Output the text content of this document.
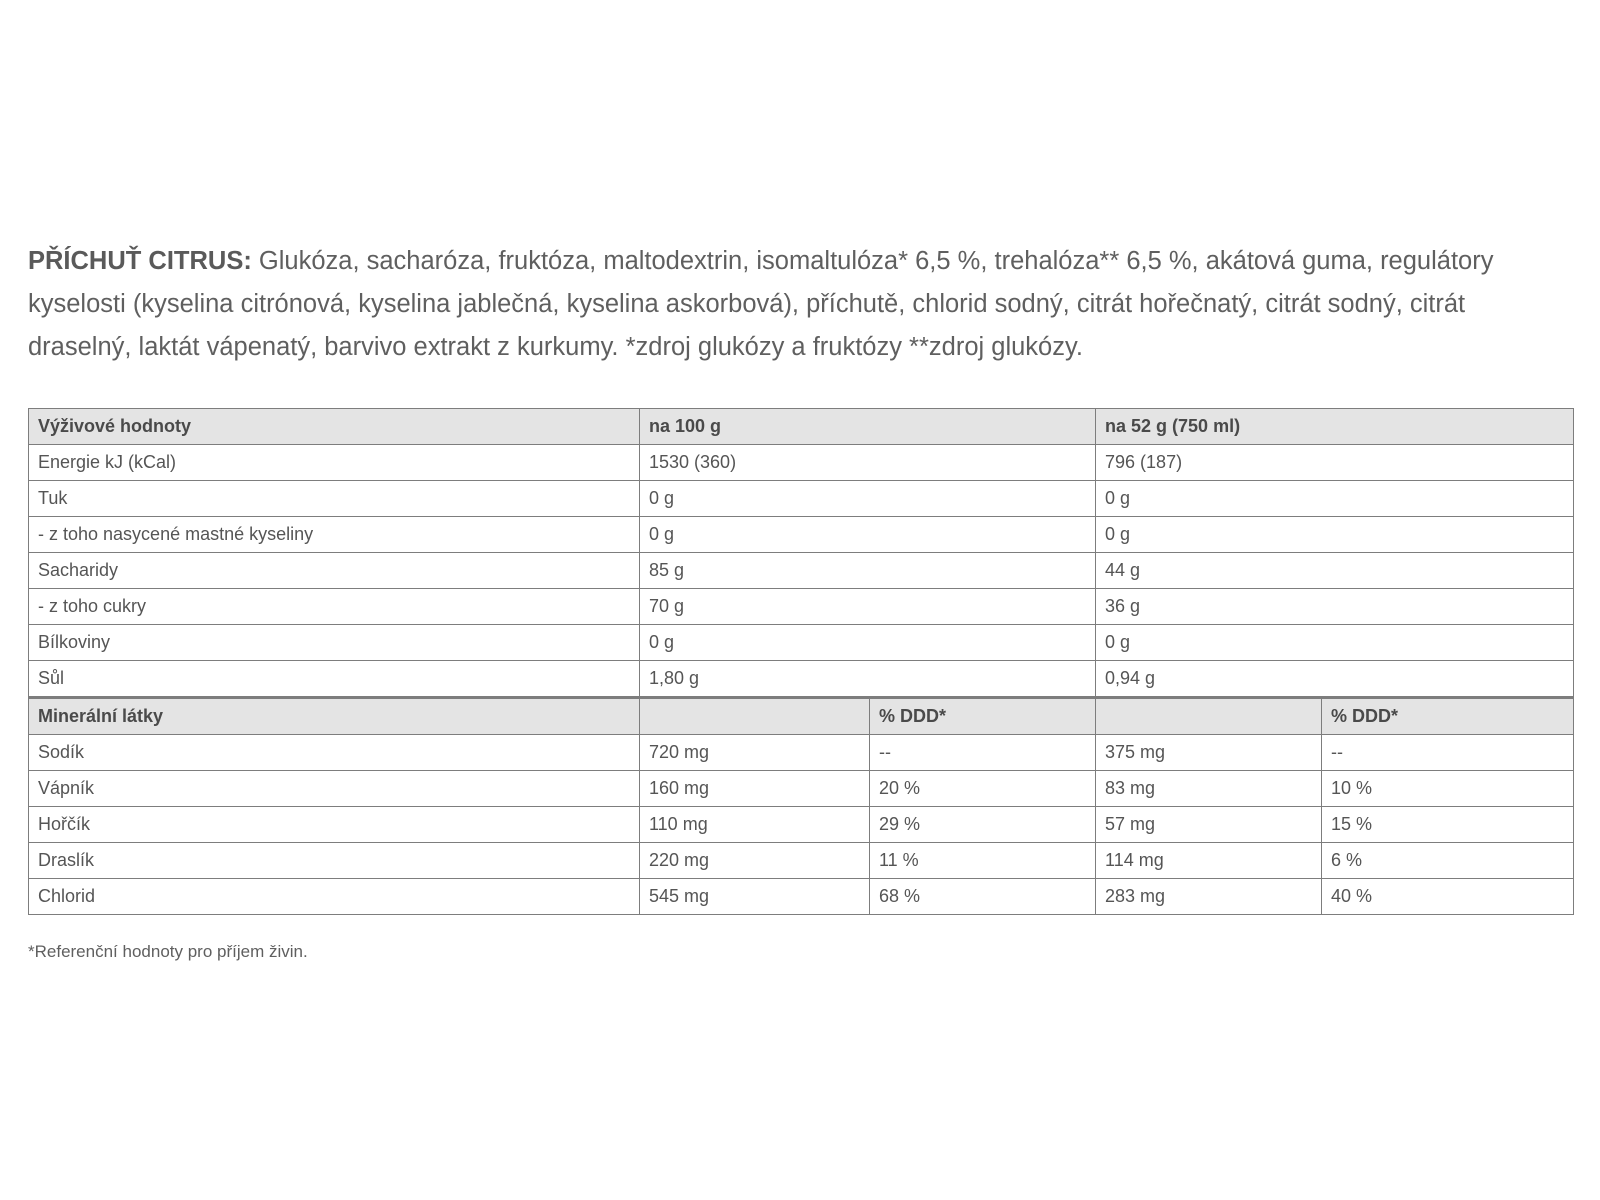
PŘÍCHUŤ CITRUS: Glukóza, sacharóza, fruktóza, maltodextrin, isomaltulóza* 6,5 %, trehalóza** 6,5 %, akátová guma, regulátory kyselosti (kyselina citrónová, kyselina jablečná, kyselina askorbová), příchutě, chlorid sodný, citrát hořečnatý, citrát sodný, citrát draselný, laktát vápenatý, barvivo extrakt z kurkumy. *zdroj glukózy a fruktózy **zdroj glukózy.

Výživové hodnoty	na 100 g		na 52 g (750 ml)	
Energie kJ (kCal)	1530 (360)		796 (187)	
Tuk	0 g		0 g	
- z toho nasycené mastné kyseliny	0 g		0 g	
Sacharidy	85 g		44 g	
- z toho cukry	70 g		36 g	
Bílkoviny	0 g		0 g	
Sůl	1,80 g		0,94 g	
Minerální látky		% DDD*		% DDD*
Sodík	720 mg	--	375 mg	--
Vápník	160 mg	20 %	83 mg	10 %
Hořčík	110 mg	29 %	57 mg	15 %
Draslík	220 mg	11 %	114 mg	6 %
Chlorid	545 mg	68 %	283 mg	40 %

*Referenční hodnoty pro příjem živin.
